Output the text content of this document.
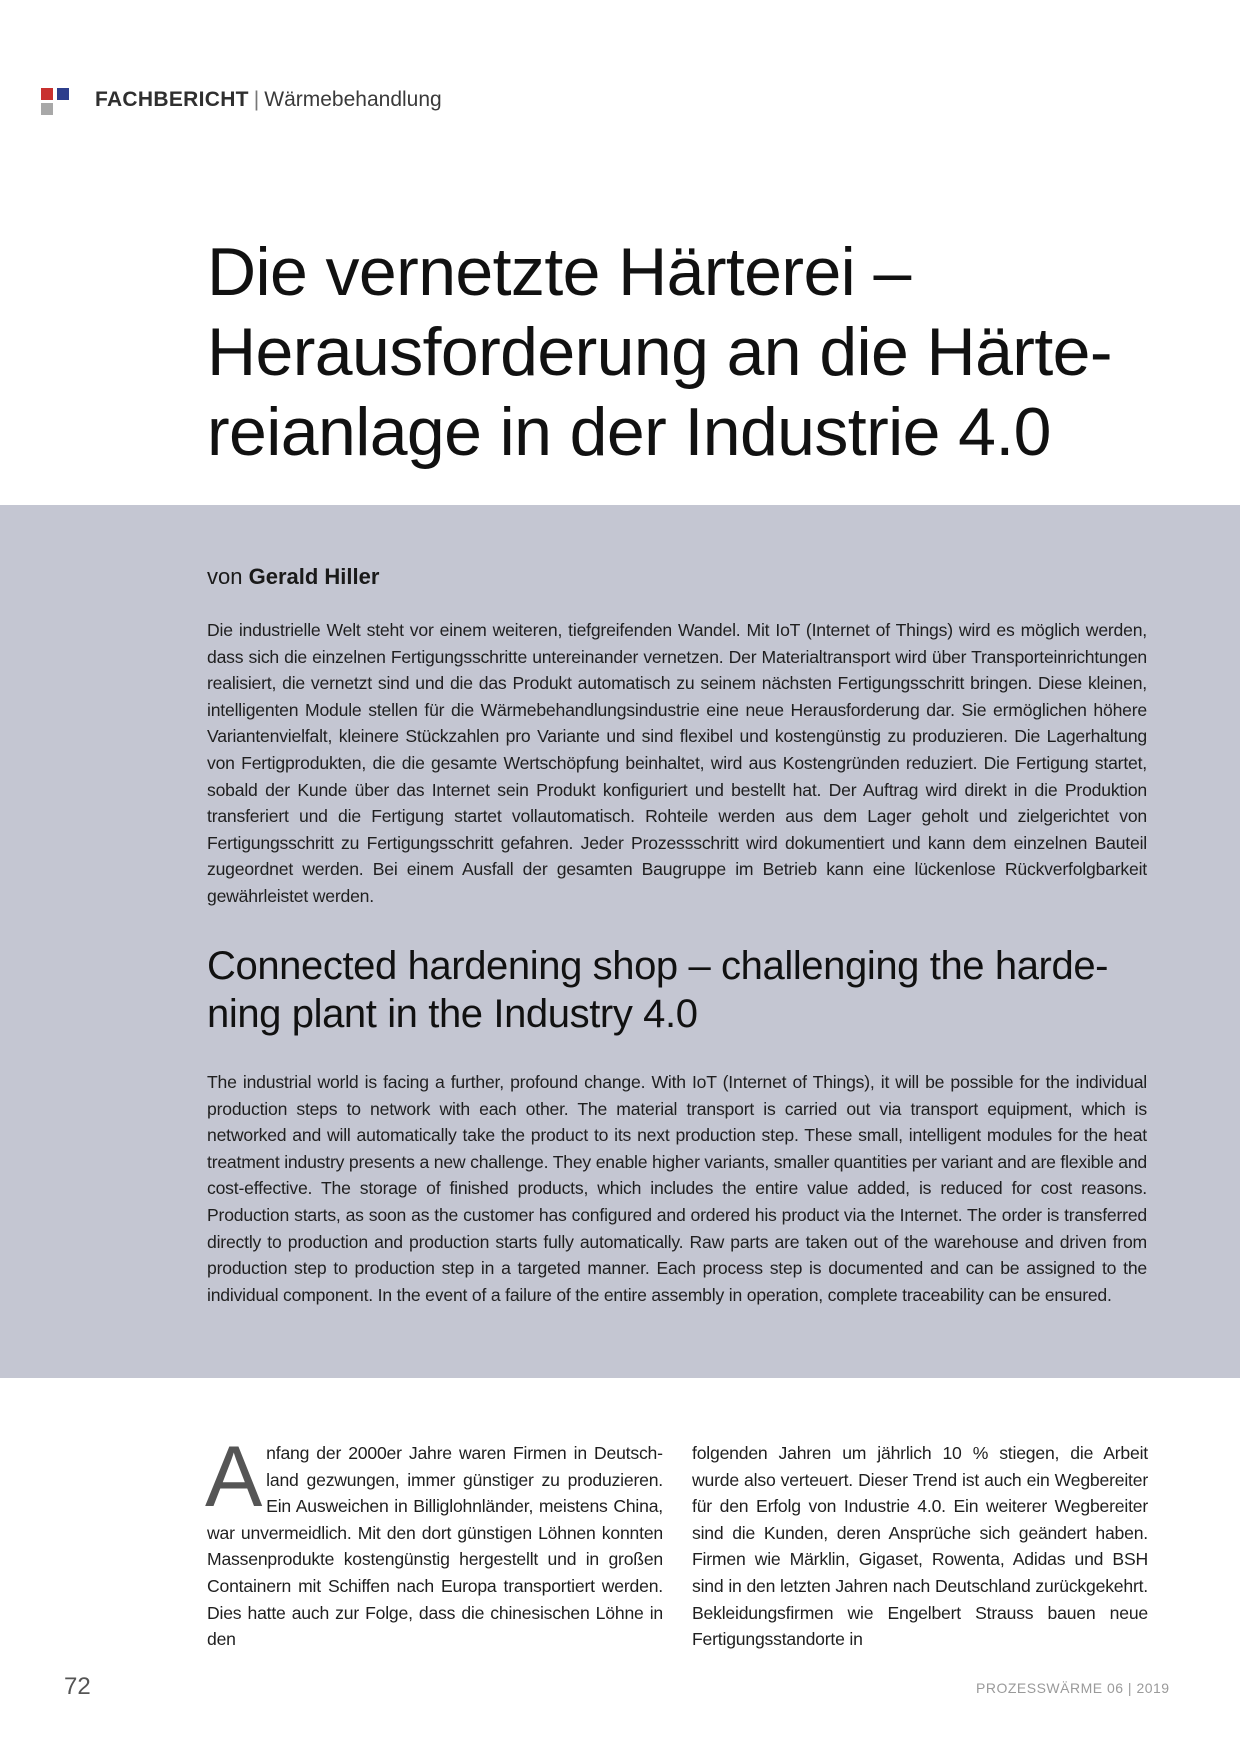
FACHBERICHT | Wärmebehandlung
Die vernetzte Härterei – Herausforderung an die Härtereianlage in der Industrie 4.0
von Gerald Hiller

Die industrielle Welt steht vor einem weiteren, tiefgreifenden Wandel. Mit IoT (Internet of Things) wird es möglich werden, dass sich die einzelnen Fertigungsschritte untereinander vernetzen. Der Materialtransport wird über Transporteinrichtungen realisiert, die vernetzt sind und die das Produkt automatisch zu seinem nächsten Fertigungsschritt bringen. Diese kleinen, intelligenten Module stellen für die Wärmebehandlungsindustrie eine neue Herausforderung dar. Sie ermöglichen höhere Variantenvielfalt, kleinere Stückzahlen pro Variante und sind flexibel und kostengünstig zu produzieren. Die Lagerhaltung von Fertigprodukten, die die gesamte Wertschöpfung beinhaltet, wird aus Kostengründen reduziert. Die Fertigung startet, sobald der Kunde über das Internet sein Produkt konfiguriert und bestellt hat. Der Auftrag wird direkt in die Produktion transferiert und die Fertigung startet vollautomatisch. Rohteile werden aus dem Lager geholt und zielgerichtet von Fertigungsschritt zu Fertigungsschritt gefahren. Jeder Prozessschritt wird dokumentiert und kann dem einzelnen Bauteil zugeordnet werden. Bei einem Ausfall der gesamten Baugruppe im Betrieb kann eine lückenlose Rückverfolgbarkeit gewährleistet werden.

Connected hardening shop – challenging the hardening plant in the Industry 4.0

The industrial world is facing a further, profound change. With IoT (Internet of Things), it will be possible for the individual production steps to network with each other. The material transport is carried out via transport equipment, which is networked and will automatically take the product to its next production step. These small, intelligent modules for the heat treatment industry presents a new challenge. They enable higher variants, smaller quantities per variant and are flexible and cost-effective. The storage of finished products, which includes the entire value added, is reduced for cost reasons. Production starts, as soon as the customer has configured and ordered his product via the Internet. The order is transferred directly to production and production starts fully automatically. Raw parts are taken out of the warehouse and driven from production step to production step in a targeted manner. Each process step is documented and can be assigned to the individual component. In the event of a failure of the entire assembly in operation, complete traceability can be ensured.

Anfang der 2000er Jahre waren Firmen in Deutschland gezwungen, immer günstiger zu produzieren. Ein Ausweichen in Billiglohnländer, meistens China, war unvermeidlich. Mit den dort günstigen Löhnen konnten Massenprodukte kostengünstig hergestellt und in großen Containern mit Schiffen nach Europa transportiert werden. Dies hatte auch zur Folge, dass die chinesischen Löhne in den

folgenden Jahren um jährlich 10 % stiegen, die Arbeit wurde also verteuert. Dieser Trend ist auch ein Wegbereiter für den Erfolg von Industrie 4.0. Ein weiterer Wegbereiter sind die Kunden, deren Ansprüche sich geändert haben. Firmen wie Märklin, Gigaset, Rowenta, Adidas und BSH sind in den letzten Jahren nach Deutschland zurückgekehrt. Bekleidungsfirmen wie Engelbert Strauss bauen neue Fertigungsstandorte in

72	PROZESSWÄRME 06 | 2019
